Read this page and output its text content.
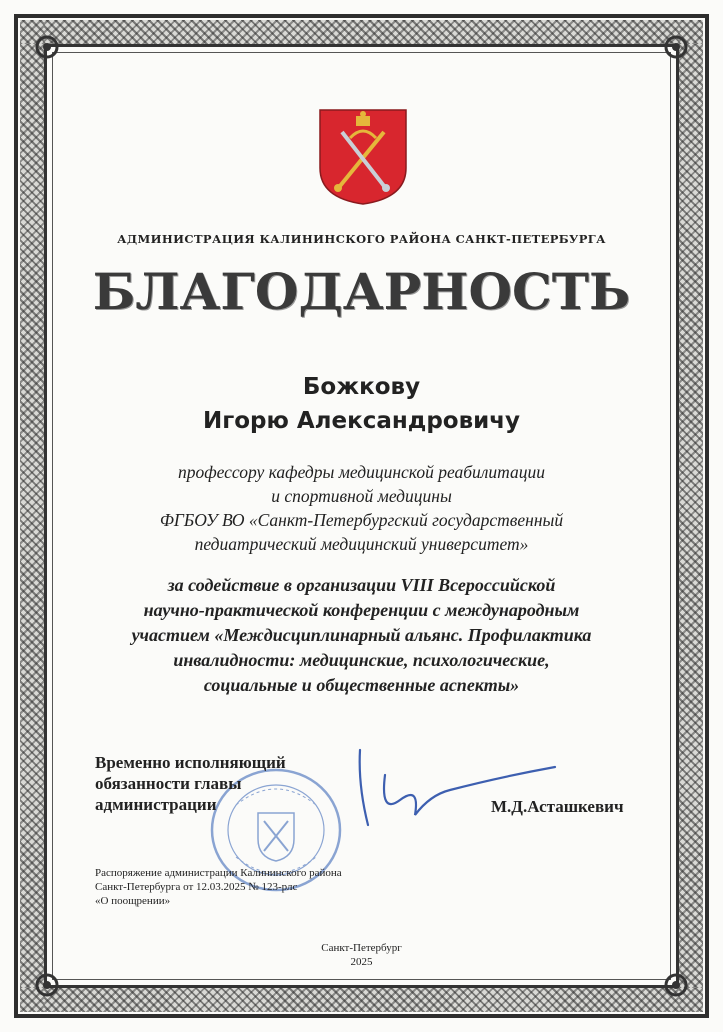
АДМИНИСТРАЦИЯ КАЛИНИНСКОГО РАЙОНА САНКТ-ПЕТЕРБУРГА
БЛАГОДАРНОСТЬ
Божкову
Игорю Александровичу
профессору кафедры медицинской реабилитации
и спортивной медицины
ФГБОУ ВО «Санкт-Петербургский государственный
педиатрический медицинский университет»
за содействие в организации VIII Всероссийской
научно-практической конференции с международным
участием «Междисциплинарный альянс. Профилактика
инвалидности: медицинские, психологические,
социальные и общественные аспекты»
Временно исполняющий
обязанности главы
администрации	М.Д.Асташкевич
Распоряжение администрации Калининского района
Санкт-Петербурга от 12.03.2025 № 123-рлс
«О поощрении»
Санкт-Петербург
2025
